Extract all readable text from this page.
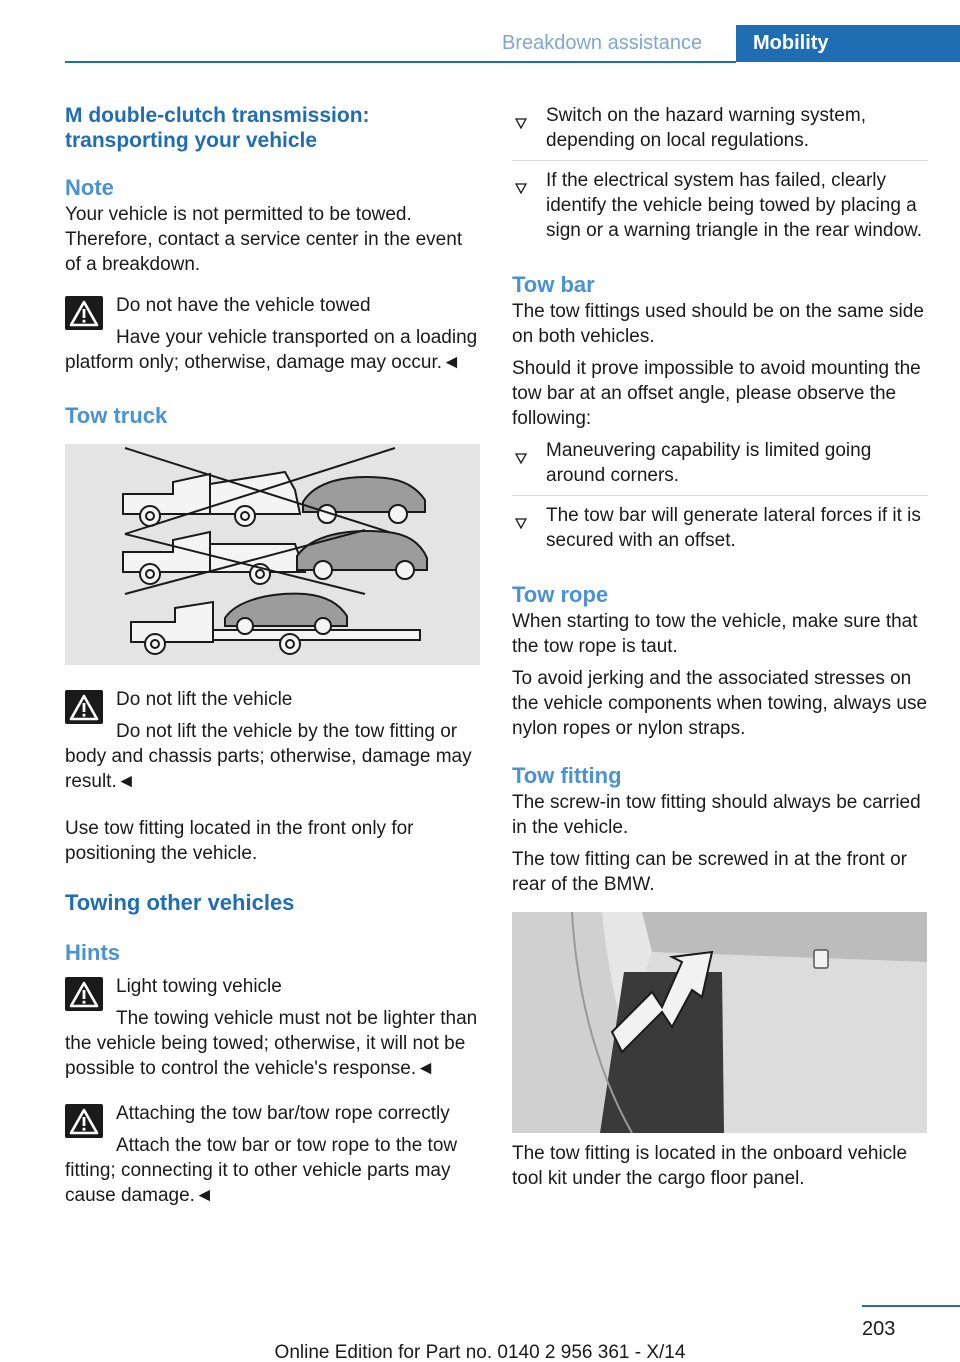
Breakdown assistance	Mobility
M double-clutch transmission: transporting your vehicle
Note

Your vehicle is not permitted to be towed. Therefore, contact a service center in the event of a breakdown.

Do not have the vehicle towed
Have your vehicle transported on a loading platform only; otherwise, damage may occur.◄
Tow truck
Do not lift the vehicle
Do not lift the vehicle by the tow fitting or body and chassis parts; otherwise, damage may result.◄

Use tow fitting located in the front only for positioning the vehicle.

Towing other vehicles
Hints
Light towing vehicle
The towing vehicle must not be lighter than the vehicle being towed; otherwise, it will not be possible to control the vehicle's response.◄
Attaching the tow bar/tow rope correctly
Attach the tow bar or tow rope to the tow fitting; connecting it to other vehicle parts may cause damage.◄
Switch on the hazard warning system, depending on local regulations.
If the electrical system has failed, clearly identify the vehicle being towed by placing a sign or a warning triangle in the rear window.
Tow bar

The tow fittings used should be on the same side on both vehicles.

Should it prove impossible to avoid mounting the tow bar at an offset angle, please observe the following:

Maneuvering capability is limited going around corners.
The tow bar will generate lateral forces if it is secured with an offset.
Tow rope

When starting to tow the vehicle, make sure that the tow rope is taut.

To avoid jerking and the associated stresses on the vehicle components when towing, always use nylon ropes or nylon straps.

Tow fitting

The screw-in tow fitting should always be carried in the vehicle.

The tow fitting can be screwed in at the front or rear of the BMW.

The tow fitting is located in the onboard vehicle tool kit under the cargo floor panel.

203
Online Edition for Part no. 0140 2 956 361 - X/14
